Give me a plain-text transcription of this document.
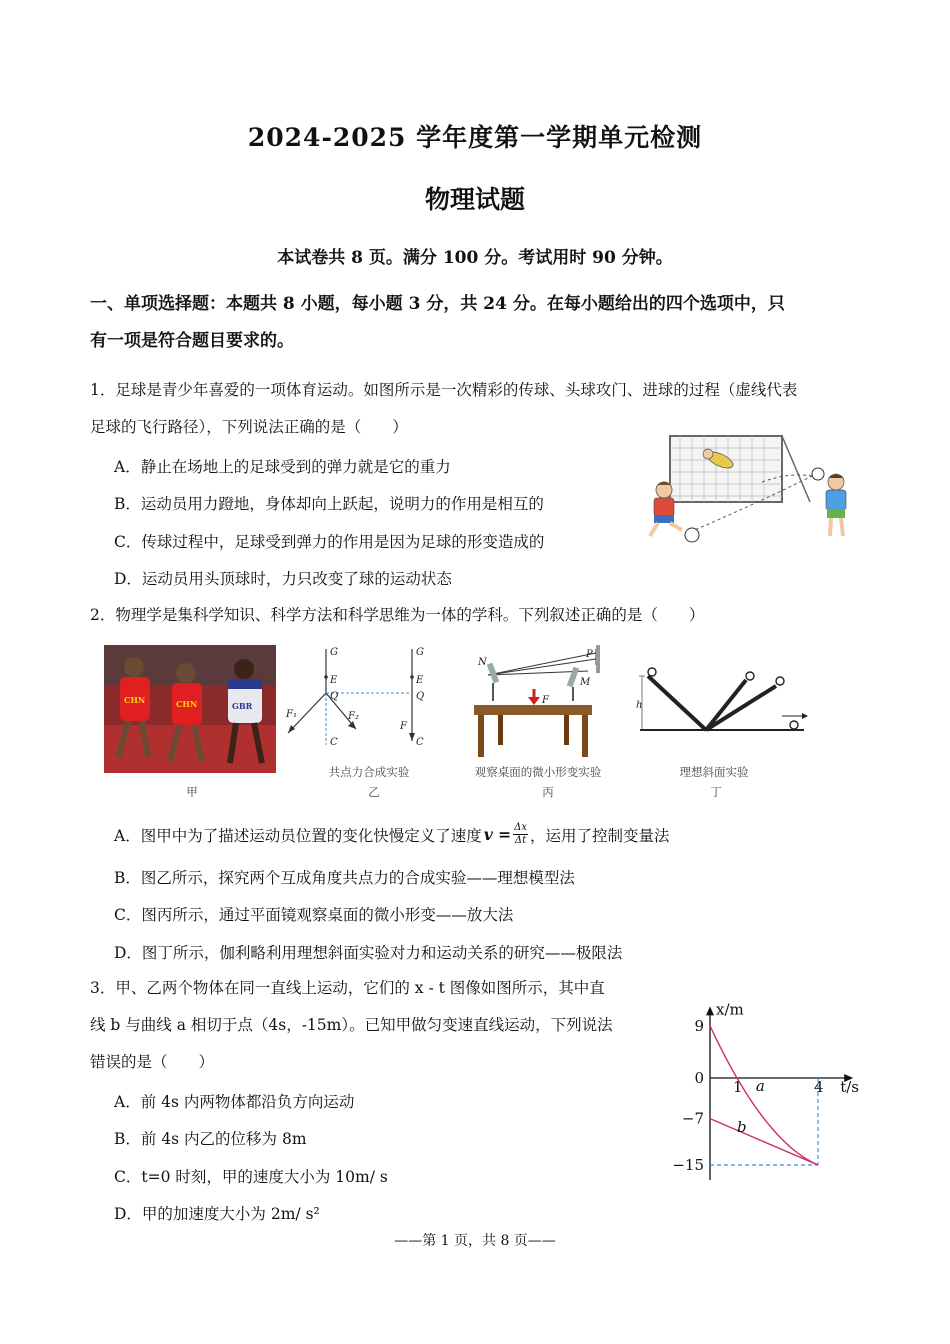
2024-2025 学年度第一学期单元检测
物理试题
本试卷共 8 页。满分 100 分。考试用时 90 分钟。
一、单项选择题：本题共 8 小题，每小题 3 分，共 24 分。在每小题给出的四个选项中，只
有一项是符合题目要求的。
1．足球是青少年喜爱的一项体育运动。如图所示是一次精彩的传球、头球攻门、进球的过程（虚线代表
足球的飞行路径），下列说法正确的是（　　）
A．静止在场地上的足球受到的弹力就是它的重力
B．运动员用力蹬地，身体却向上跃起，说明力的作用是相互的
C．传球过程中，足球受到弹力的作用是因为足球的形变造成的
D．运动员用头顶球时，力只改变了球的运动状态
2．物理学是集科学知识、科学方法和科学思维为一体的学科。下列叙述正确的是（　　）
CHN	CHN	GBR
G
E
Q
F₁	F₂
C
G
E
Q
F
C
共点力合成实验
N
M
P
F
观察桌面的微小形变实验
h
理想斜面实验
甲	乙	丙	丁
A．图甲中为了描述运动员位置的变化快慢定义了速度 $v = \frac{\Delta x}{\Delta t}$ ，运用了控制变量法
B．图乙所示，探究两个互成角度共点力的合成实验——理想模型法
C．图丙所示，通过平面镜观察桌面的微小形变——放大法
D．图丁所示，伽利略利用理想斜面实验对力和运动关系的研究——极限法
3．甲、乙两个物体在同一直线上运动，它们的 x - t 图像如图所示，其中直
线 b 与曲线 a 相切于点（4s，-15m）。已知甲做匀变速直线运动，下列说法
错误的是（　　）
A．前 4s 内两物体都沿负方向运动
B．前 4s 内乙的位移为 8m
C．t=0 时刻，甲的速度大小为 10m/ s
D．甲的加速度大小为 2m/ s²
a
b
x/m
t/s
9
0
−7
−15
1	4
——第 1 页，共 8 页——
